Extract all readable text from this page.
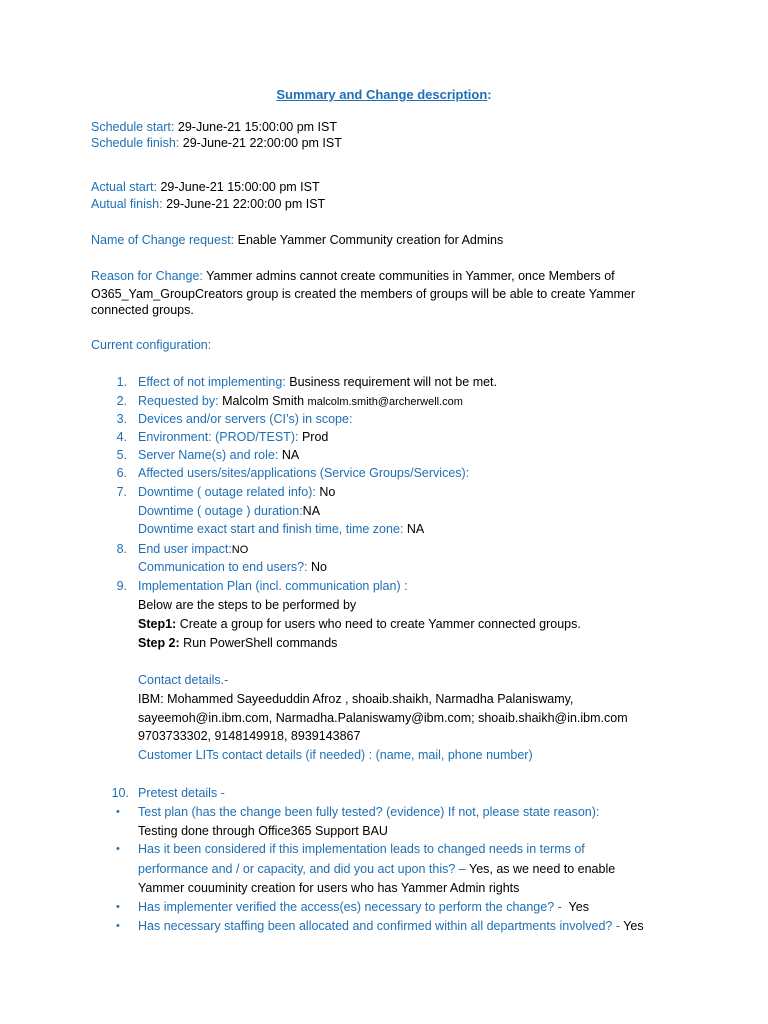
Summary and Change description:
Schedule start: 29-June-21 15:00:00 pm IST
Schedule finish: 29-June-21 22:00:00 pm IST
Actual start: 29-June-21 15:00:00 pm IST
Autual finish: 29-June-21 22:00:00 pm IST
Name of Change request: Enable Yammer Community creation for Admins
Reason for Change: Yammer admins cannot create communities in Yammer, once Members of
O365_Yam_GroupCreators group is created the members of groups will be able to create Yammer
connected groups.
Current configuration:
1. Effect of not implementing: Business requirement will not be met.
2. Requested by: Malcolm Smith malcolm.smith@archerwell.com
3. Devices and/or servers (CI’s) in scope:
4. Environment: (PROD/TEST): Prod
5. Server Name(s) and role: NA
6. Affected users/sites/applications (Service Groups/Services):
7. Downtime ( outage related info): No
Downtime ( outage ) duration:NA
Downtime exact start and finish time, time zone: NA
8. End user impact:NO
Communication to end users?: No
9. Implementation Plan (incl. communication plan) :
Below are the steps to be performed by
Step1: Create a group for users who need to create Yammer connected groups.
Step 2: Run PowerShell commands
Contact details.-
IBM: Mohammed Sayeeduddin Afroz , shoaib.shaikh, Narmadha Palaniswamy,
sayeemoh@in.ibm.com, Narmadha.Palaniswamy@ibm.com; shoaib.shaikh@in.ibm.com
9703733302, 9148149918, 8939143867
Customer LITs contact details (if needed) : (name, mail, phone number)
10. Pretest details -
• Test plan (has the change been fully tested? (evidence) If not, please state reason):
Testing done through Office365 Support BAU
• Has it been considered if this implementation leads to changed needs in terms of
performance and / or capacity, and did you act upon this? – Yes, as we need to enable
Yammer couuminity creation for users who has Yammer Admin rights
• Has implementer verified the access(es) necessary to perform the change? - Yes
• Has necessary staffing been allocated and confirmed within all departments involved? - Yes
